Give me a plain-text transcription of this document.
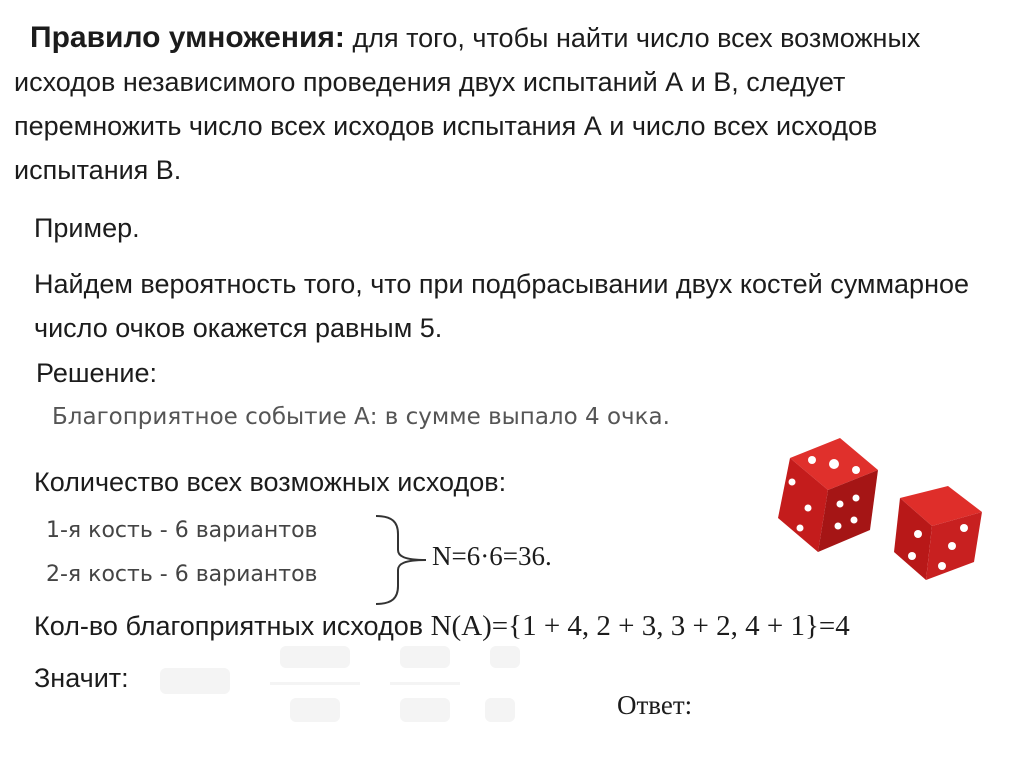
Правило умножения: для того, чтобы найти число всех возможных исходов независимого проведения двух испытаний А и В, следует перемножить число всех исходов испытания А и число всех исходов испытания В.
Пример.
Найдем вероятность того, что при подбрасывании двух костей суммарное число очков окажется равным 5.
Решение:
Благоприятное событие А: в сумме выпало 4 очка.
Количество всех возможных исходов:
1-я кость - 6 вариантов
2-я кость - 6 вариантов
N=6·6=36.
Кол-во благоприятных исходов N(A)={1 + 4, 2 + 3, 3 + 2, 4 + 1}=4
Значит:
Ответ:
